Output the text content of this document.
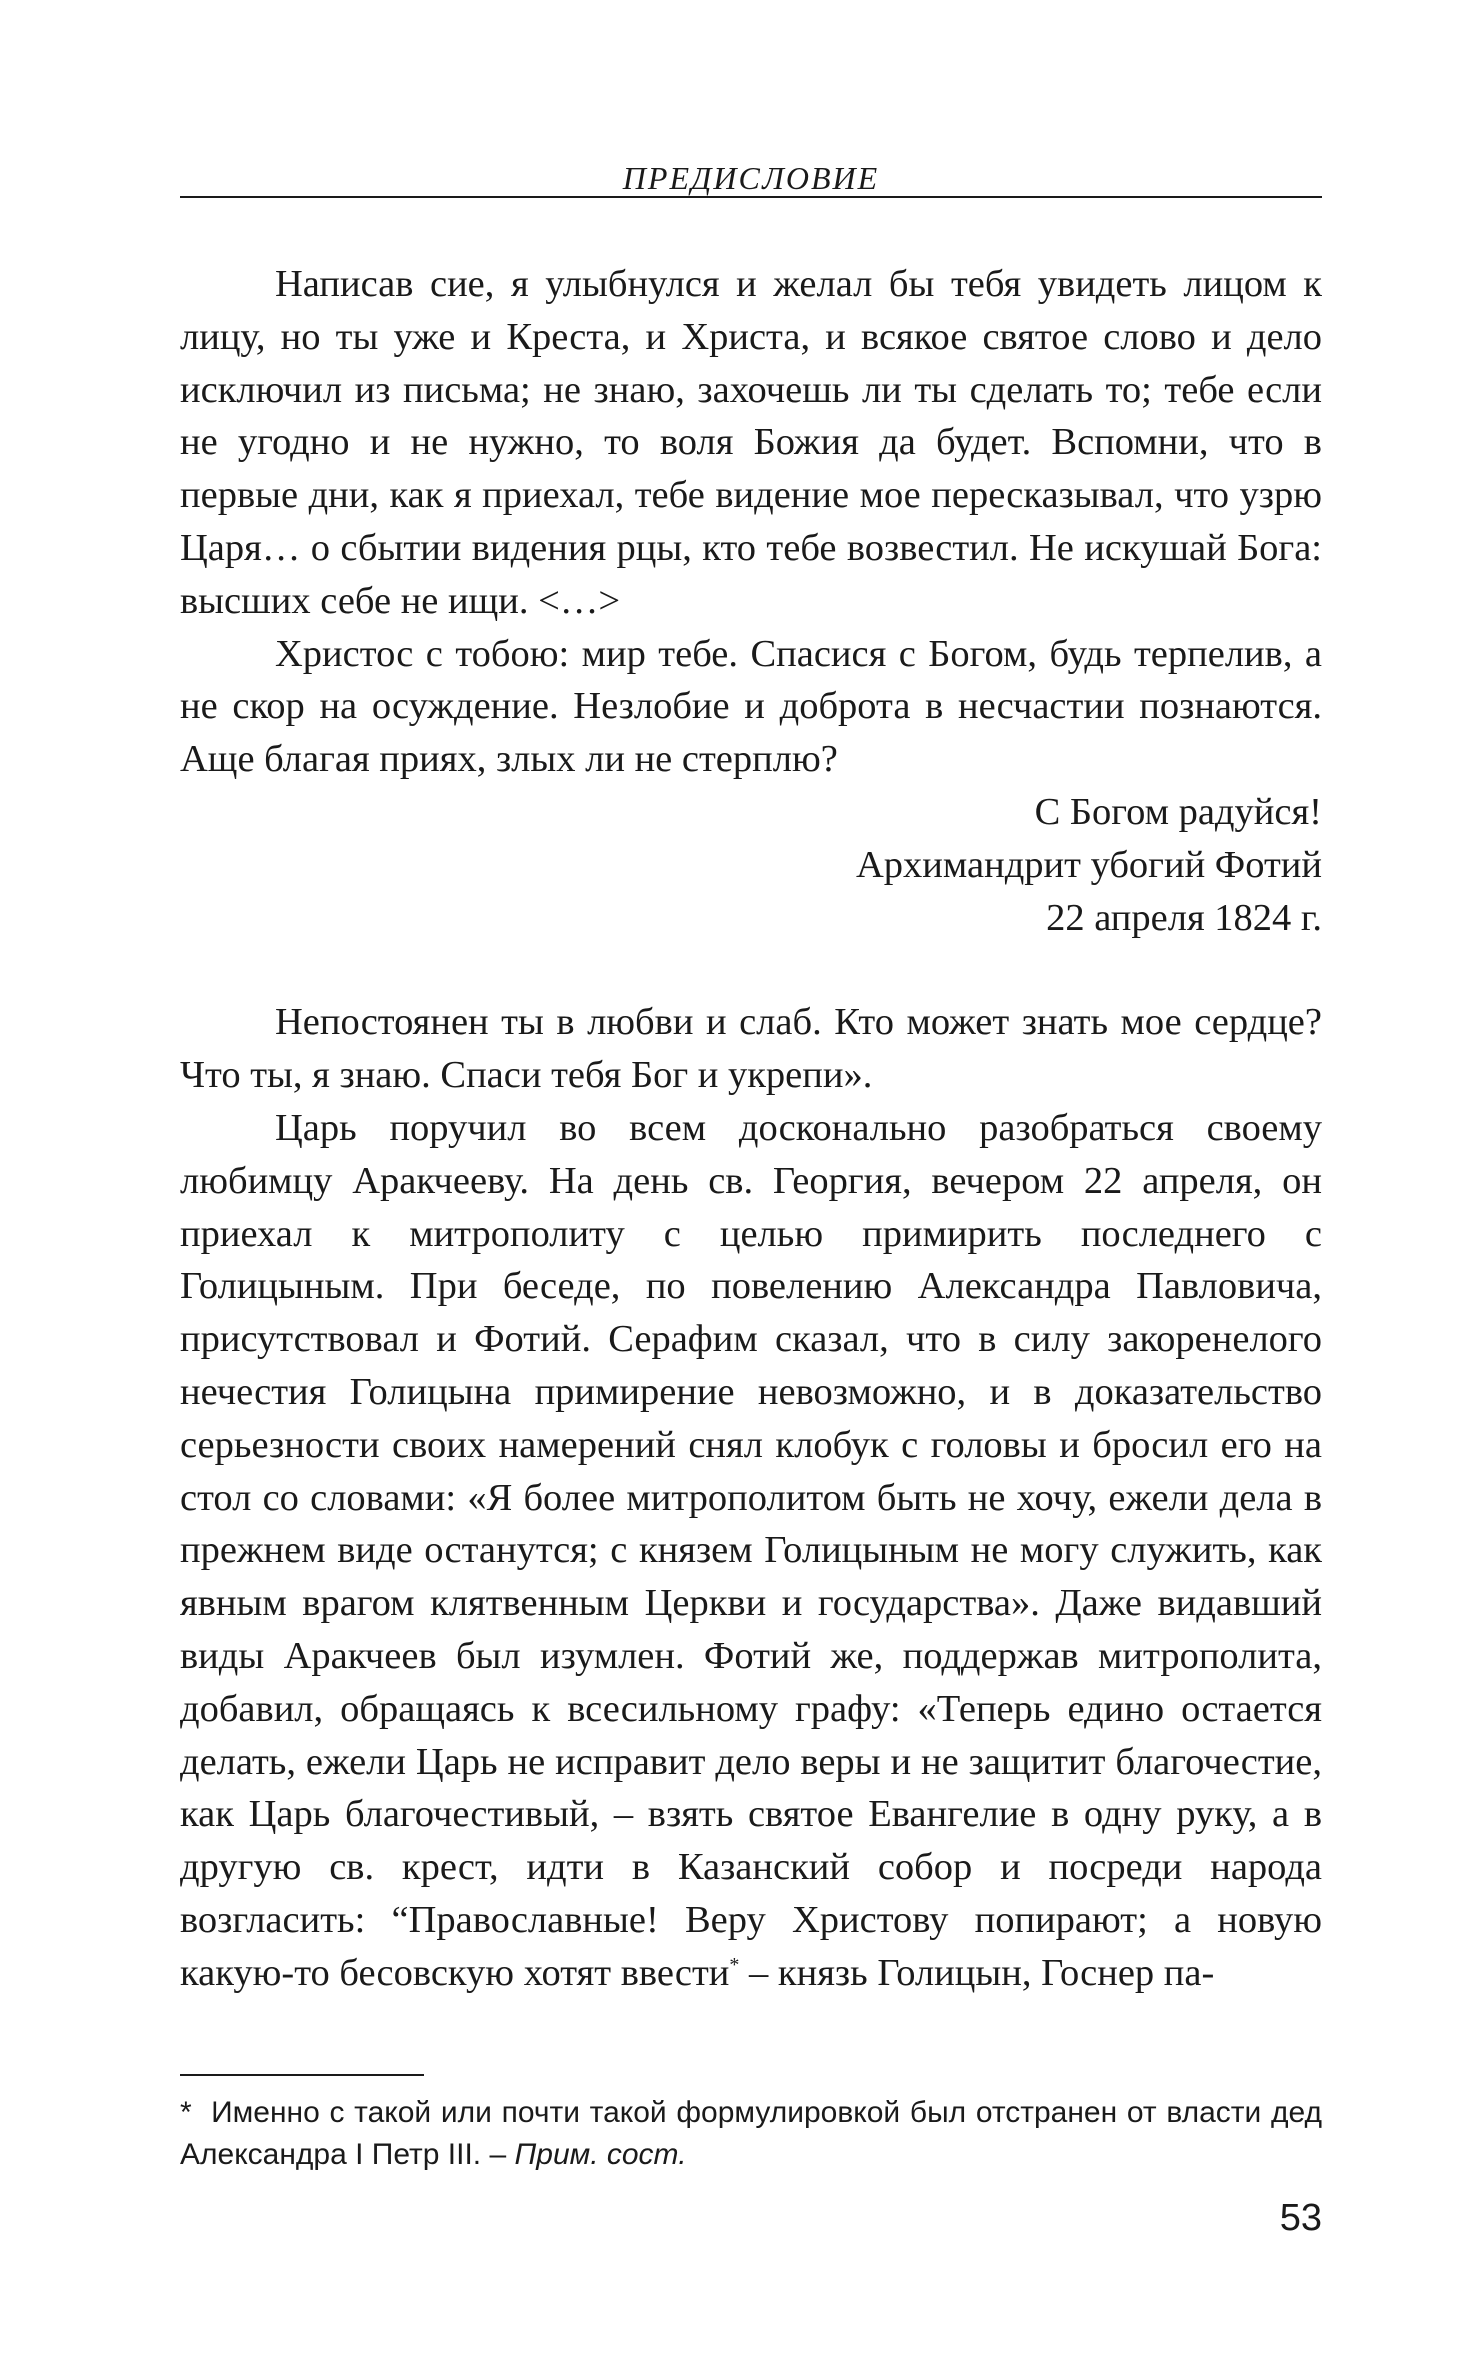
ПРЕДИСЛОВИЕ

Написав сие, я улыбнулся и желал бы тебя увидеть лицом к лицу, но ты уже и Креста, и Христа, и всякое святое слово и дело исключил из письма; не знаю, захочешь ли ты сделать то; тебе если не угодно и не нужно, то воля Божия да будет. Вспомни, что в первые дни, как я приехал, тебе видение мое пересказывал, что узрю Царя… о сбытии видения рцы, кто тебе возвестил. Не искушай Бога: высших себе не ищи. <…>

Христос с тобою: мир тебе. Спасися с Богом, будь терпелив, а не скор на осуждение. Незлобие и доброта в несчастии познаются. Аще благая приях, злых ли не стерплю?

С Богом радуйся!

Архимандрит убогий Фотий

22 апреля 1824 г.

Непостоянен ты в любви и слаб. Кто может знать мое сердце? Что ты, я знаю. Спаси тебя Бог и укрепи».

Царь поручил во всем досконально разобраться своему любимцу Аракчееву. На день св. Георгия, вечером 22 апреля, он приехал к митрополиту с целью примирить последнего с Голицыным. При беседе, по повелению Александра Павловича, присутствовал и Фотий. Серафим сказал, что в силу закоренелого нечестия Голицына примирение невозможно, и в доказательство серьезности своих намерений снял клобук с головы и бросил его на стол со словами: «Я более митрополитом быть не хочу, ежели дела в прежнем виде останутся; с князем Голицыным не могу служить, как явным врагом клятвенным Церкви и государства». Даже видавший виды Аракчеев был изумлен. Фотий же, поддержав митрополита, добавил, обращаясь к всесильному графу: «Теперь едино остается делать, ежели Царь не исправит дело веры и не защитит благочестие, как Царь благочестивый, – взять святое Евангелие в одну руку, а в другую св. крест, идти в Казанский собор и посреди народа возгласить: “Православные! Веру Христову попирают; а новую какую-то бесовскую хотят ввести* – князь Голицын, Госнер па-

* Именно с такой или почти такой формулировкой был отстранен от власти дед Александра I Петр III. – Прим. сост.
53
